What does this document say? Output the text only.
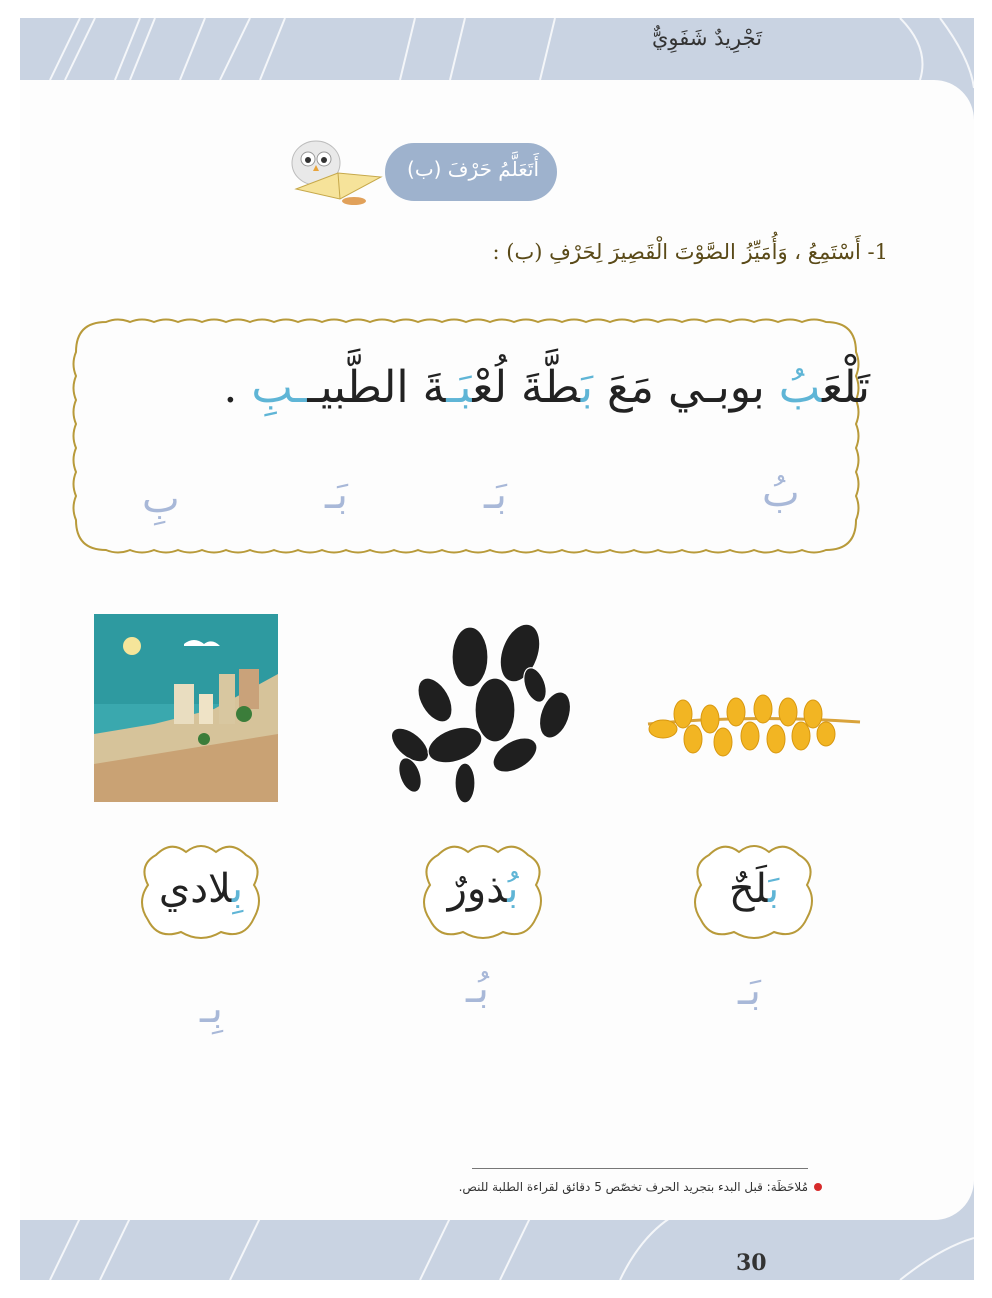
تَجْرِيدٌ شَفَوِيٌّ
أَتَعَلَّمُ حَرْفَ (ب)
1- أَسْتَمِعُ ، وَأُمَيِّزُ الصَّوْتَ الْقَصِيرَ لِحَرْفِ (ب) :
تَلْعَبُ بوبـي مَعَ بَطَّةَ لُعْبَـةَ الطَّبيــبِ .
بُ
بَـ
بَـ
بِ
بَلَحٌ
بُذورٌ
بِلادي
بَـ
بُـ
بِـ
مُلاحَظَة: قبل البدء بتجريد الحرف تخصّص 5 دقائق لقراءة الطلبة للنص.
30
